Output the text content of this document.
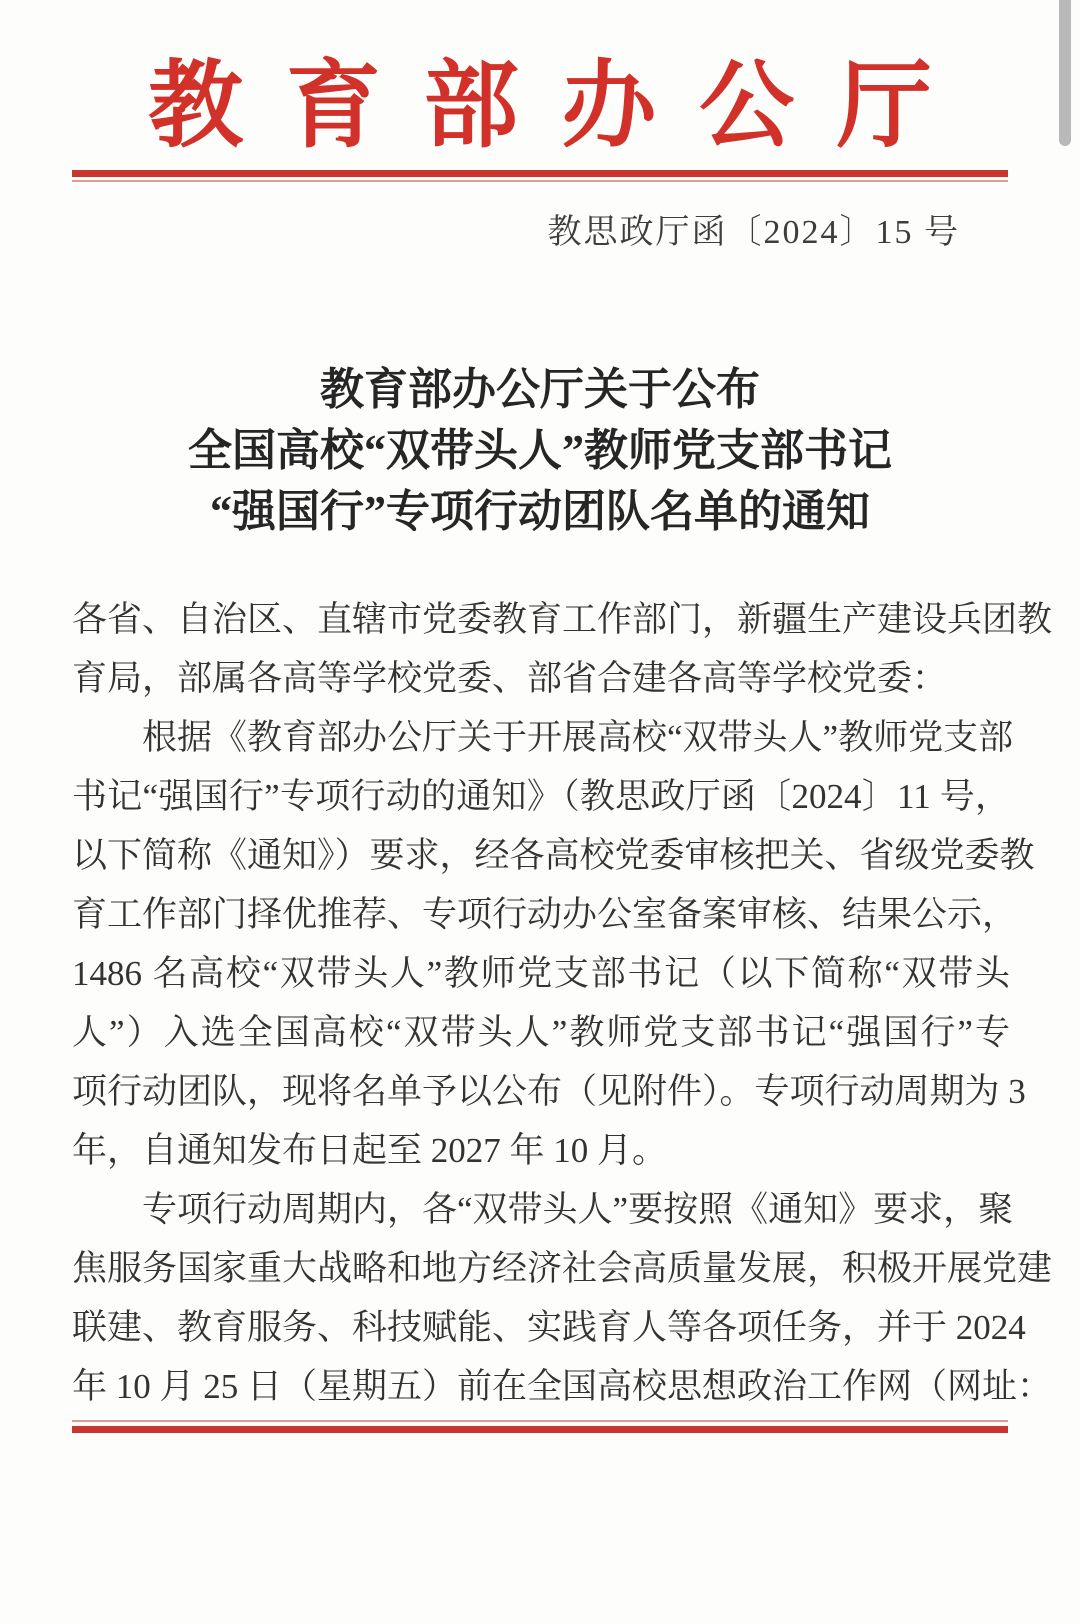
教育部办公厅
教思政厅函〔2024〕15 号
教育部办公厅关于公布
全国高校“双带头人”教师党支部书记
“强国行”专项行动团队名单的通知
各省、自治区、直辖市党委教育工作部门，新疆生产建设兵团教
育局，部属各高等学校党委、部省合建各高等学校党委：
根据《教育部办公厅关于开展高校“双带头人”教师党支部
书记“强国行”专项行动的通知》（教思政厅函〔2024〕11 号，
以下简称《通知》）要求，经各高校党委审核把关、省级党委教
育工作部门择优推荐、专项行动办公室备案审核、结果公示，
1486 名高校“双带头人”教师党支部书记（以下简称“双带头
人”）入选全国高校“双带头人”教师党支部书记“强国行”专
项行动团队，现将名单予以公布（见附件）。专项行动周期为 3
年，自通知发布日起至 2027 年 10 月。
专项行动周期内，各“双带头人”要按照《通知》要求，聚
焦服务国家重大战略和地方经济社会高质量发展，积极开展党建
联建、教育服务、科技赋能、实践育人等各项任务，并于 2024
年 10 月 25 日（星期五）前在全国高校思想政治工作网（网址：
